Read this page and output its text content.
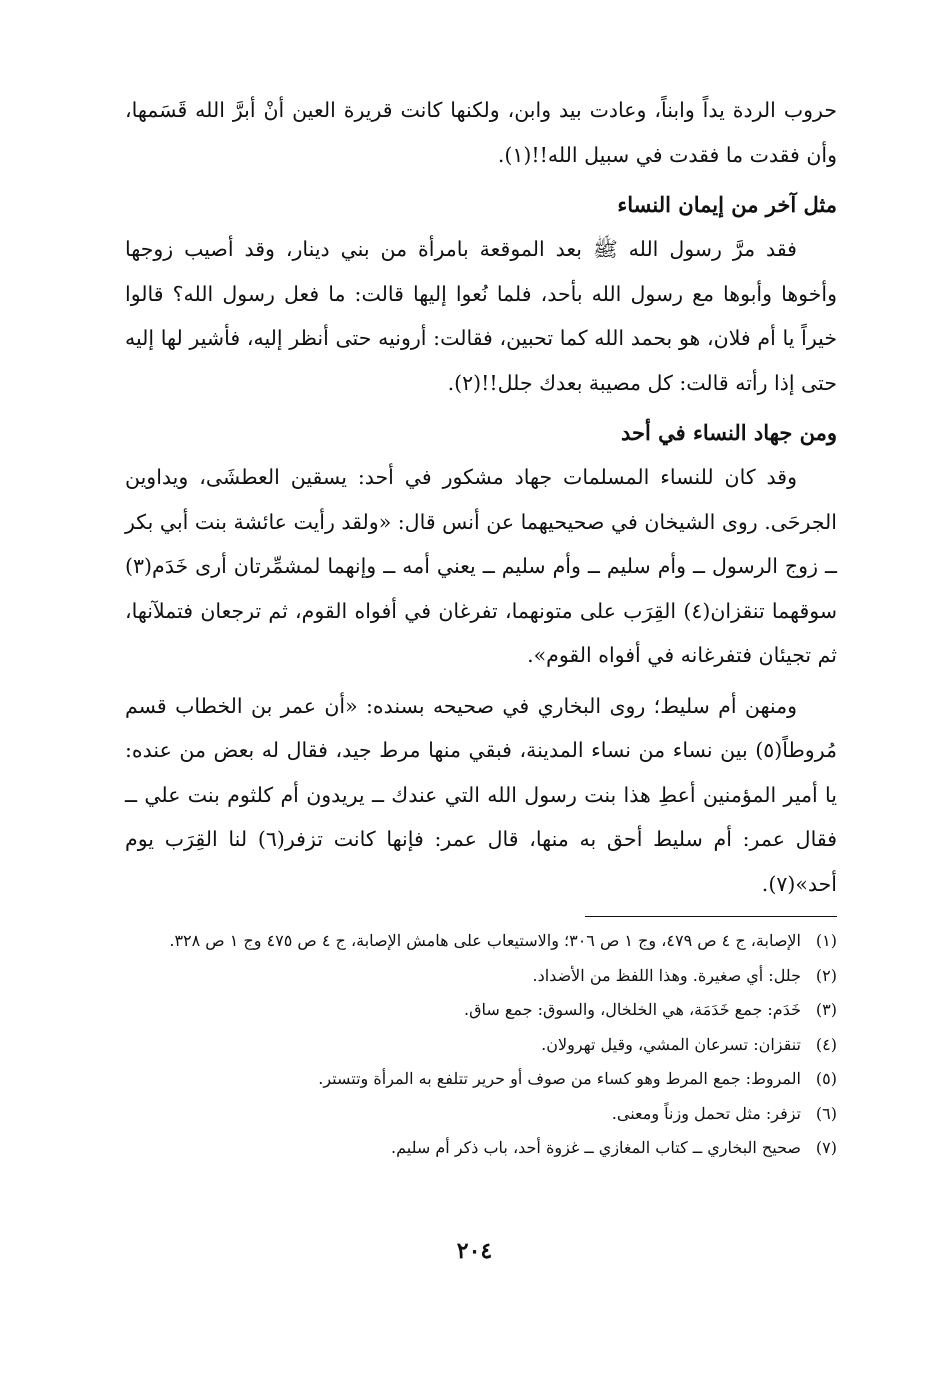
حروب الردة يداً وابناً، وعادت بيد وابن، ولكنها كانت قريرة العين أنْ أبرَّ الله قَسَمها، وأن فقدت ما فقدت في سبيل الله!!(١).

مثل آخر من إيمان النساء

فقد مرَّ رسول الله ﷺ بعد الموقعة بامرأة من بني دينار، وقد أصيب زوجها وأخوها وأبوها مع رسول الله بأحد، فلما نُعوا إليها قالت: ما فعل رسول الله؟ قالوا خيراً يا أم فلان، هو بحمد الله كما تحبين، فقالت: أرونيه حتى أنظر إليه، فأشير لها إليه حتى إذا رأته قالت: كل مصيبة بعدك جلل!!(٢).

ومن جهاد النساء في أحد

وقد كان للنساء المسلمات جهاد مشكور في أحد: يسقين العطشَى، ويداوين الجرحَى. روى الشيخان في صحيحيهما عن أنس قال: «ولقد رأيت عائشة بنت أبي بكر ــ زوج الرسول ــ وأم سليم ــ وأم سليم ــ يعني أمه ــ وإنهما لمشمِّرتان أرى خَدَم(٣) سوقهما تنقزان(٤) القِرَب على متونهما، تفرغان في أفواه القوم، ثم ترجعان فتملآنها، ثم تجيئان فتفرغانه في أفواه القوم».

ومنهن أم سليط؛ روى البخاري في صحيحه بسنده: «أن عمر بن الخطاب قسم مُروطاً(٥) بين نساء من نساء المدينة، فبقي منها مرط جيد، فقال له بعض من عنده: يا أمير المؤمنين أعطِ هذا بنت رسول الله التي عندك ــ يريدون أم كلثوم بنت علي ــ فقال عمر: أم سليط أحق به منها، قال عمر: فإنها كانت تزفر(٦) لنا القِرَب يوم أحد»(٧).

(١)الإصابة، ج ٤ ص ٤٧٩، وج ١ ص ٣٠٦؛ والاستيعاب على هامش الإصابة، ج ٤ ص ٤٧٥ وج ١ ص ٣٢٨.

(٢)جلل: أي صغيرة. وهذا اللفظ من الأضداد.

(٣)خَدَم: جمع خَدَمَة، هي الخلخال، والسوق: جمع ساق.

(٤)تنقزان: تسرعان المشي، وقيل تهرولان.

(٥)المروط: جمع المرط وهو كساء من صوف أو حرير تتلفع به المرأة وتتستر.

(٦)تزفر: مثل تحمل وزناً ومعنى.

(٧)صحيح البخاري ــ كتاب المغازي ــ غزوة أحد، باب ذكر أم سليم.

٢٠٤
